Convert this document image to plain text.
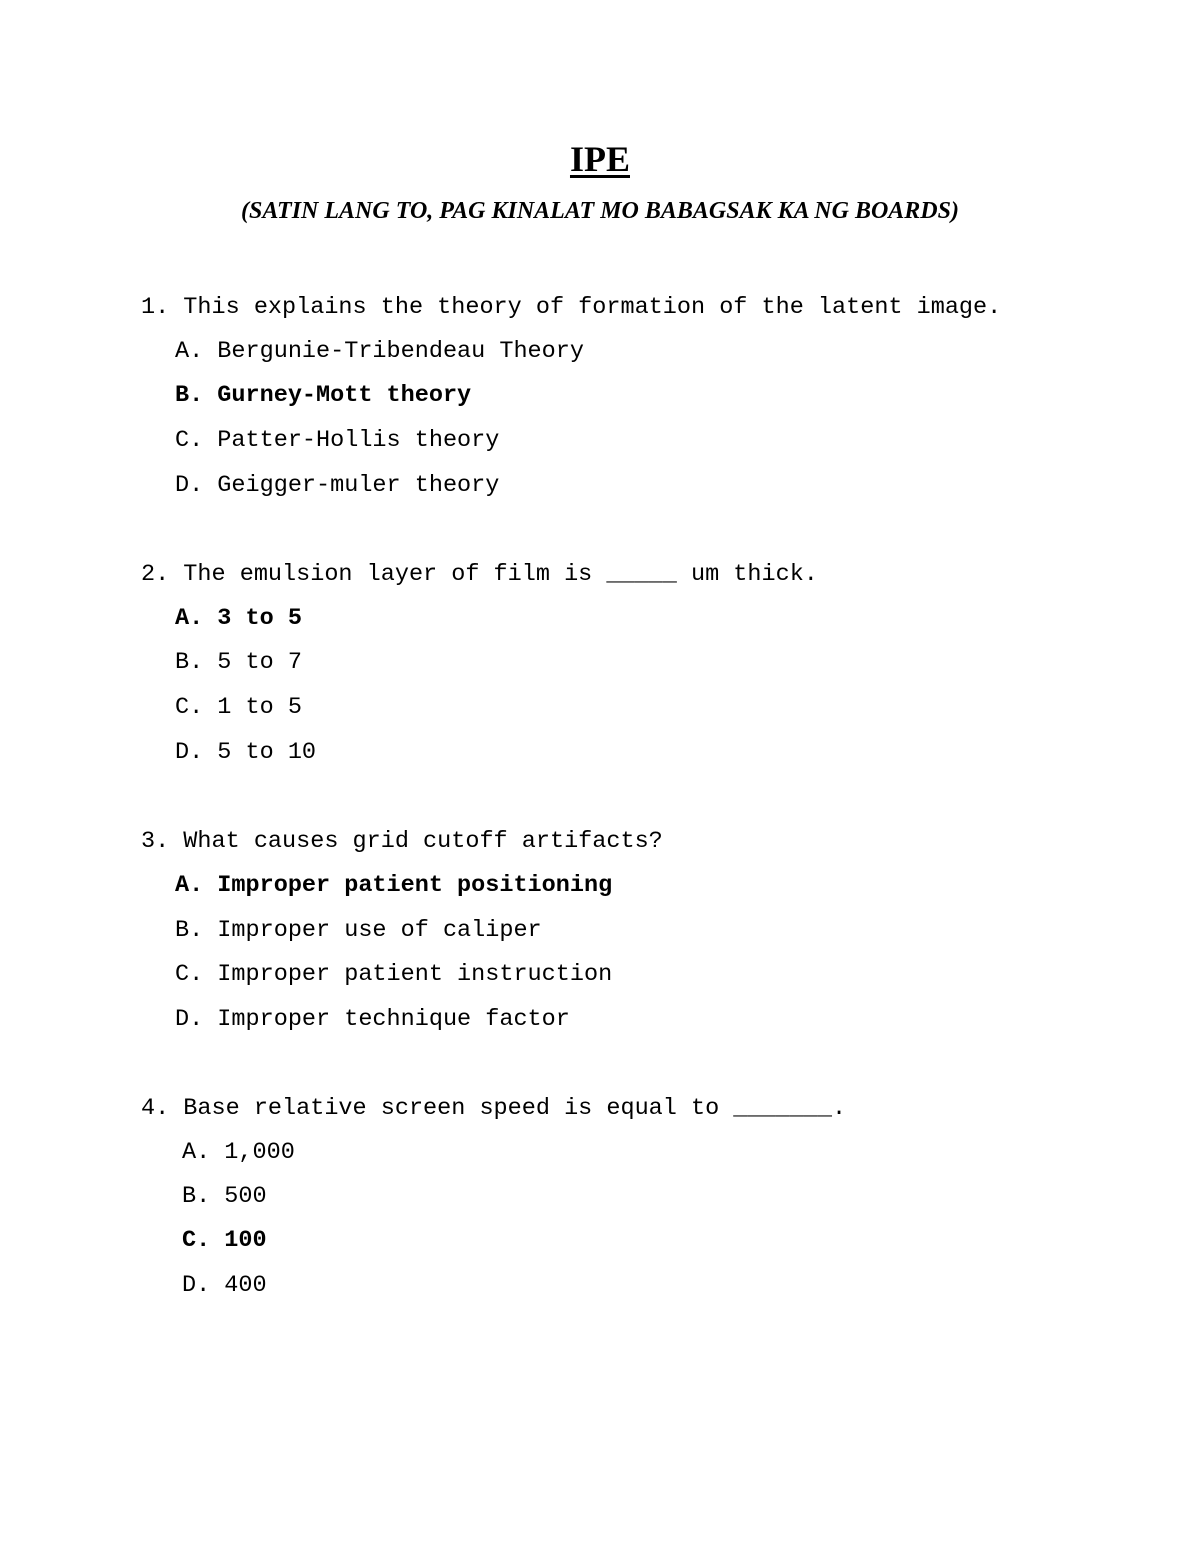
IPE
(SATIN LANG TO, PAG KINALAT MO BABAGSAK KA NG BOARDS)
1. This explains the theory of formation of the latent image.
A. Bergunie-Tribendeau Theory
B. Gurney-Mott theory
C. Patter-Hollis theory
D. Geigger-muler theory
2. The emulsion layer of film is _____ um thick.
A. 3 to 5
B. 5 to 7
C. 1 to 5
D. 5 to 10
3. What causes grid cutoff artifacts?
A. Improper patient positioning
B. Improper use of caliper
C. Improper patient instruction
D. Improper technique factor
4. Base relative screen speed is equal to _______.
A. 1,000
B. 500
C. 100
D. 400
